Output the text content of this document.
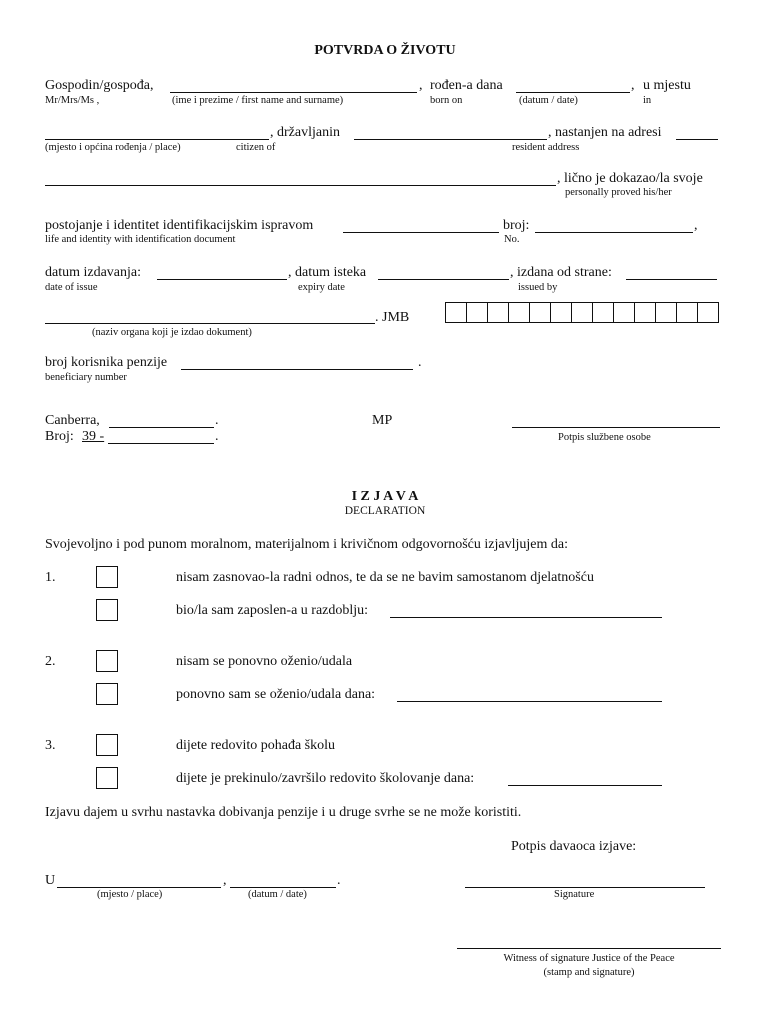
POTVRDA O ŽIVOTU
Gospodin/gospođa,	, rođen-a dana	, u mjestu
Mr/Mrs/Ms ,	(ime i prezime / first name and surname)	born on	(datum / date)	in
, državljanin	, nastanjen na adresi
(mjesto i općina rođenja / place)	citizen of	resident address
, lično je dokazao/la svoje
personally proved his/her
postojanje i identitet identifikacijskim ispravom	broj:	,
life and identity with identification document	No.
datum izdavanja:	, datum isteka	, izdana od strane:
date of issue	expiry date	issued by
. JMB
(naziv organa koji je izdao dokument)
broj korisnika penzije	.
beneficiary number
Canberra,	.
Broj: 39 -	.
MP
Potpis službene osobe
I Z J A V A
DECLARATION
Svojevoljno i pod punom moralnom, materijalnom i krivičnom odgovornošću izjavljujem da:
1.	nisam zasnovao-la radni odnos, te da se ne bavim samostanom djelatnošću
bio/la sam zaposlen-a u razdoblju:
2.	nisam se ponovno oženio/udala
ponovno sam se oženio/udala dana:
3.	dijete redovito pohađa školu
dijete je prekinulo/završilo redovito školovanje dana:
Izjavu dajem u svrhu nastavka dobivanja penzije i u druge svrhe se ne može koristiti.
Potpis davaoca izjave:
U	,	.
(mjesto / place)	(datum / date)	Signature
Witness of signature Justice of the Peace
(stamp and signature)
